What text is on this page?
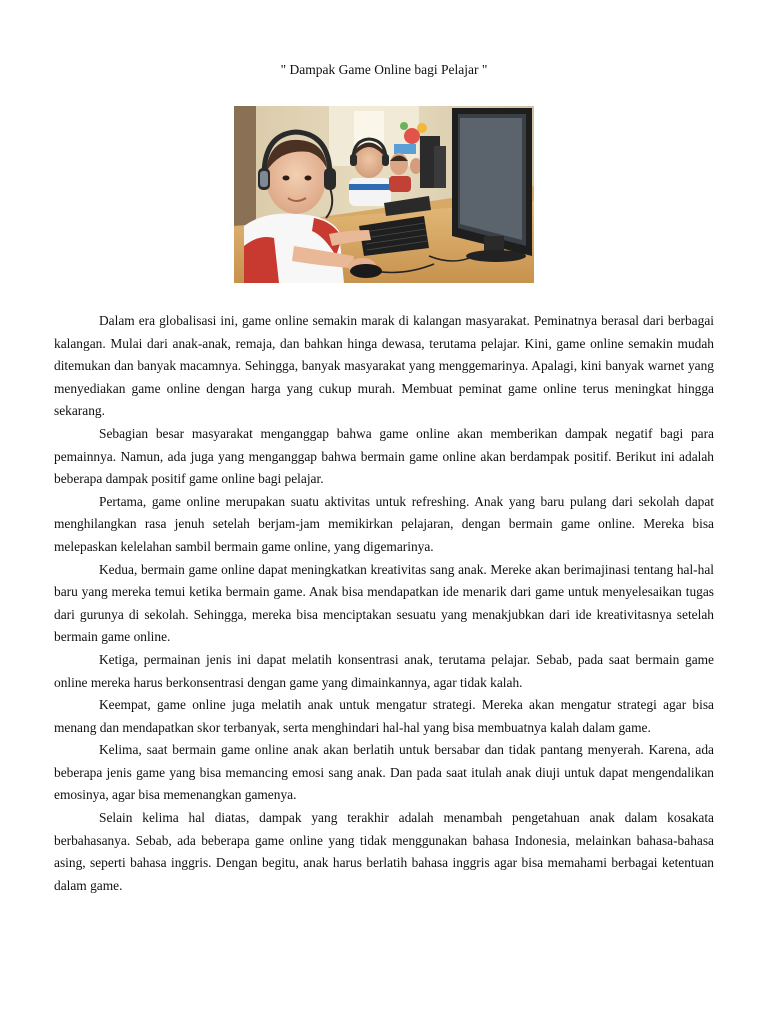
" Dampak Game Online bagi Pelajar "

Dalam era globalisasi ini, game online semakin marak di kalangan masyarakat. Peminatnya berasal dari berbagai kalangan. Mulai dari anak-anak, remaja, dan bahkan hinga dewasa, terutama pelajar. Kini, game online semakin mudah ditemukan dan banyak macamnya. Sehingga, banyak masyarakat yang menggemarinya. Apalagi, kini banyak warnet yang menyediakan game online dengan harga yang cukup murah. Membuat peminat game online terus meningkat hingga sekarang.

Sebagian besar masyarakat menganggap bahwa game online akan memberikan dampak negatif bagi para pemainnya. Namun, ada juga yang menganggap bahwa bermain game online akan berdampak positif. Berikut ini adalah beberapa dampak positif game online bagi pelajar.

Pertama, game online merupakan suatu aktivitas untuk refreshing. Anak yang baru pulang dari sekolah dapat menghilangkan rasa jenuh setelah berjam-jam memikirkan pelajaran, dengan bermain game online. Mereka bisa melepaskan kelelahan sambil bermain game online, yang digemarinya.

Kedua, bermain game online dapat meningkatkan kreativitas sang anak. Mereke akan berimajinasi tentang hal-hal baru yang mereka temui ketika bermain game. Anak bisa mendapatkan ide menarik dari game untuk menyelesaikan tugas dari gurunya di sekolah. Sehingga, mereka bisa menciptakan sesuatu yang menakjubkan dari ide kreativitasnya setelah bermain game online.

Ketiga, permainan jenis ini dapat melatih konsentrasi anak, terutama pelajar. Sebab, pada saat bermain game online mereka harus berkonsentrasi dengan game yang dimainkannya, agar tidak kalah.

Keempat, game online juga melatih anak untuk mengatur strategi. Mereka akan mengatur strategi agar bisa menang dan mendapatkan skor terbanyak, serta menghindari hal-hal yang bisa membuatnya kalah dalam game.

Kelima, saat bermain game online anak akan berlatih untuk bersabar dan tidak pantang menyerah. Karena, ada beberapa jenis game yang bisa memancing emosi sang anak. Dan pada saat itulah anak diuji untuk dapat mengendalikan emosinya, agar bisa memenangkan gamenya.

Selain kelima hal diatas, dampak yang terakhir adalah menambah pengetahuan anak dalam kosakata berbahasanya. Sebab, ada beberapa game online yang tidak menggunakan bahasa Indonesia, melainkan bahasa-bahasa asing, seperti bahasa inggris. Dengan begitu, anak harus berlatih bahasa inggris agar bisa memahami berbagai ketentuan dalam game.
